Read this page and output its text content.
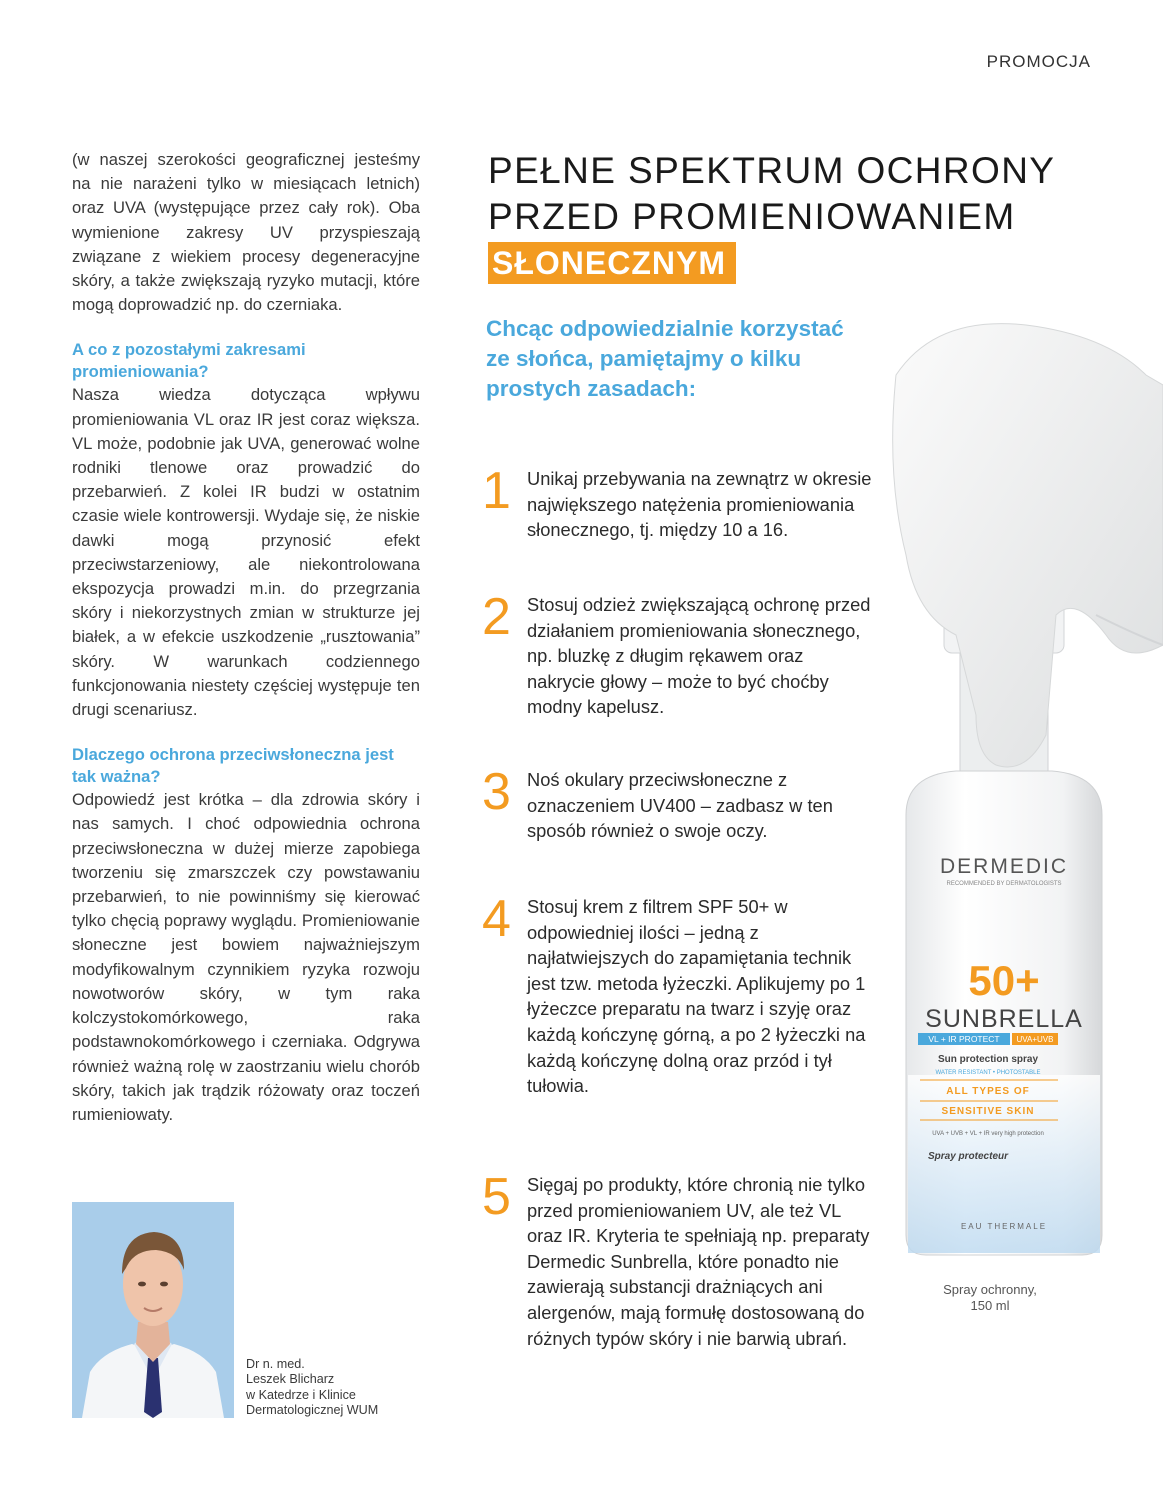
PROMOCJA

(w naszej szerokości geograficznej jesteśmy na nie narażeni tylko w miesiącach letnich) oraz UVA (występujące przez cały rok). Oba wymienione zakresy UV przyspieszają związane z wiekiem procesy degeneracyjne skóry, a także zwiększają ryzyko mutacji, które mogą doprowadzić np. do czerniaka.

A co z pozostałymi zakresami promieniowania?

Nasza wiedza dotycząca wpływu promieniowania VL oraz IR jest coraz większa. VL może, podobnie jak UVA, generować wolne rodniki tlenowe oraz prowadzić do przebarwień. Z kolei IR budzi w ostatnim czasie wiele kontrowersji. Wydaje się, że niskie dawki mogą przynosić efekt przeciwstarzeniowy, ale niekontrolowana ekspozycja prowadzi m.in. do przegrzania skóry i niekorzystnych zmian w strukturze jej białek, a w efekcie uszkodzenie „rusztowania” skóry. W warunkach codziennego funkcjonowania niestety częściej występuje ten drugi scenariusz.

Dlaczego ochrona przeciwsłoneczna jest tak ważna?

Odpowiedź jest krótka – dla zdrowia skóry i nas samych. I choć odpowiednia ochrona przeciwsłoneczna w dużej mierze zapobiega tworzeniu się zmarszczek czy powstawaniu przebarwień, to nie powinniśmy się kierować tylko chęcią poprawy wyglądu. Promieniowanie słoneczne jest bowiem najważniejszym modyfikowalnym czynnikiem ryzyka rozwoju nowotworów skóry, w tym raka kolczystokomórkowego, raka podstawnokomórkowego i czerniaka. Odgrywa również ważną rolę w zaostrzaniu wielu chorób skóry, takich jak trądzik różowaty oraz toczeń rumieniowaty.

Dr n. med.
Leszek Blicharz
w Katedrze i Klinice
Dermatologicznej WUM
PEŁNE SPEKTRUM OCHRONY
PRZED PROMIENIOWANIEM
SŁONECZNYM

Chcąc odpowiedzialnie korzystać ze słońca, pamiętajmy o kilku prostych zasadach:

1 Unikaj przebywania na zewnątrz w okresie największego natężenia promieniowania słonecznego, tj. między 10 a 16.
2 Stosuj odzież zwiększającą ochronę przed działaniem promieniowania słonecznego, np. bluzkę z długim rękawem oraz nakrycie głowy – może to być choćby modny kapelusz.
3 Noś okulary przeciwsłoneczne z oznaczeniem UV400 – zadbasz w ten sposób również o swoje oczy.
4 Stosuj krem z filtrem SPF 50+ w odpowiedniej ilości – jedną z najłatwiejszych do zapamiętania technik jest tzw. metoda łyżeczki. Aplikujemy po 1 łyżeczce preparatu na twarz i szyję oraz każdą kończynę górną, a po 2 łyżeczki na każdą kończynę dolną oraz przód i tył tułowia.
5 Sięgaj po produkty, które chronią nie tylko przed promieniowaniem UV, ale też VL oraz IR. Kryteria te spełniają np. preparaty Dermedic Sunbrella, które ponadto nie zawierają substancji drażniących ani alergenów, mają formułę dostosowaną do różnych typów skóry i nie barwią ubrań.
DERMEDIC
RECOMMENDED BY DERMATOLOGISTS
50+
SUNBRELLA
VL + IR PROTECT UVA+UVB
Sun protection spray
WATER RESISTANT • PHOTOSTABLE
ALL TYPES OF
SENSITIVE SKIN
UVA + UVB + VL + IR very high protection
Spray protecteur
EAU THERMALE
Spray ochronny,
150 ml
